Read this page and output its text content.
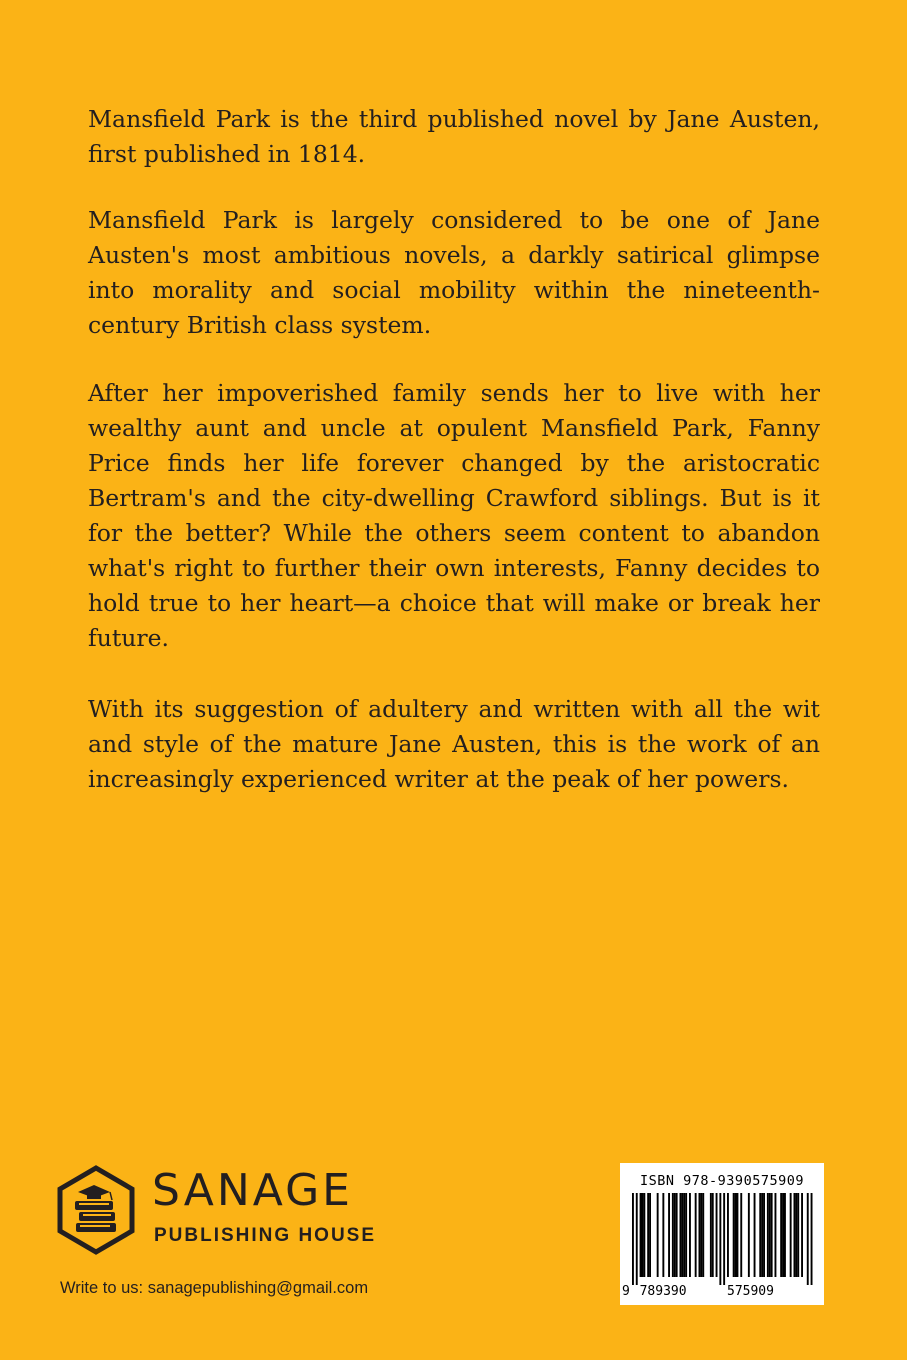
Mansfield Park is the third published novel by Jane Austen, first published in 1814.

Mansfield Park is largely considered to be one of Jane Austen's most ambitious novels, a darkly satirical glimpse into morality and social mobility within the nineteenth-century British class system.

After her impoverished family sends her to live with her wealthy aunt and uncle at opulent Mansfield Park, Fanny Price finds her life forever changed by the aristocratic Bertram's and the city-dwelling Crawford siblings. But is it for the better? While the others seem content to abandon what's right to further their own interests, Fanny decides to hold true to her heart—a choice that will make or break her future.

With its suggestion of adultery and written with all the wit and style of the mature Jane Austen, this is the work of an increasingly experienced writer at the peak of her powers.

SANAGE
PUBLISHING HOUSE
Write to us: sanagepublishing@gmail.com
ISBN 978-9390575909
9 789390	575909
